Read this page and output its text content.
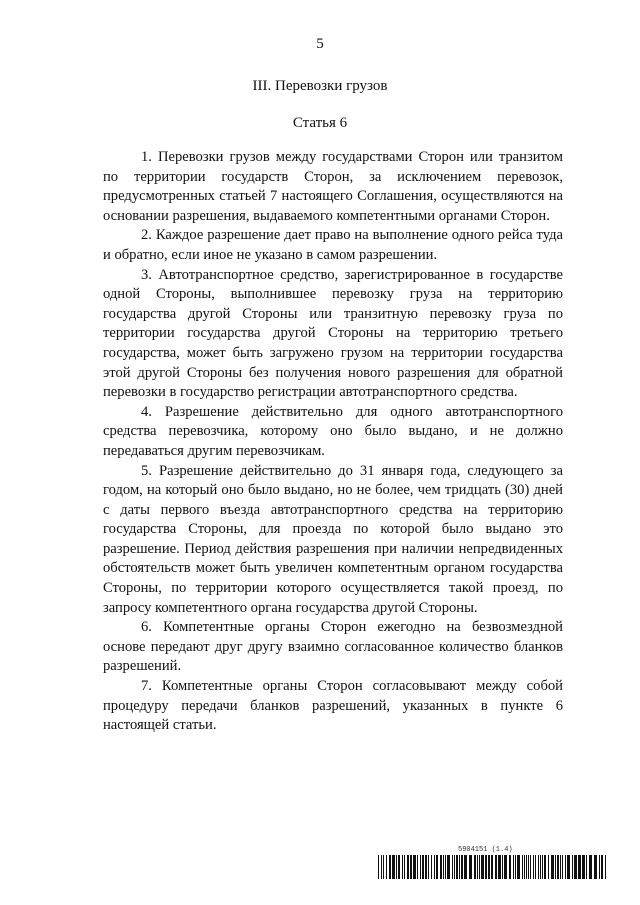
5
III. Перевозки грузов
Статья 6

1. Перевозки грузов между государствами Сторон или транзитом по территории государств Сторон, за исключением перевозок, предусмотренных статьей 7 настоящего Соглашения, осуществляются на основании разрешения, выдаваемого компетентными органами Сторон.

2. Каждое разрешение дает право на выполнение одного рейса туда и обратно, если иное не указано в самом разрешении.

3. Автотранспортное средство, зарегистрированное в государстве одной Стороны, выполнившее перевозку груза на территорию государства другой Стороны или транзитную перевозку груза по территории государства другой Стороны на территорию третьего государства, может быть загружено грузом на территории государства этой другой Стороны без получения нового разрешения для обратной перевозки в государство регистрации автотранспортного средства.

4. Разрешение действительно для одного автотранспортного средства перевозчика, которому оно было выдано, и не должно передаваться другим перевозчикам.

5. Разрешение действительно до 31 января года, следующего за годом, на который оно было выдано, но не более, чем тридцать (30) дней с даты первого въезда автотранспортного средства на территорию государства Стороны, для проезда по которой было выдано это разрешение. Период действия разрешения при наличии непредвиденных обстоятельств может быть увеличен компетентным органом государства Стороны, по территории которого осуществляется такой проезд, по запросу компетентного органа государства другой Стороны.

6. Компетентные органы Сторон ежегодно на безвозмездной основе передают друг другу взаимно согласованное количество бланков разрешений.

7. Компетентные органы Сторон согласовывают между собой процедуру передачи бланков разрешений, указанных в пункте 6 настоящей статьи.

5904151 (1.4)
